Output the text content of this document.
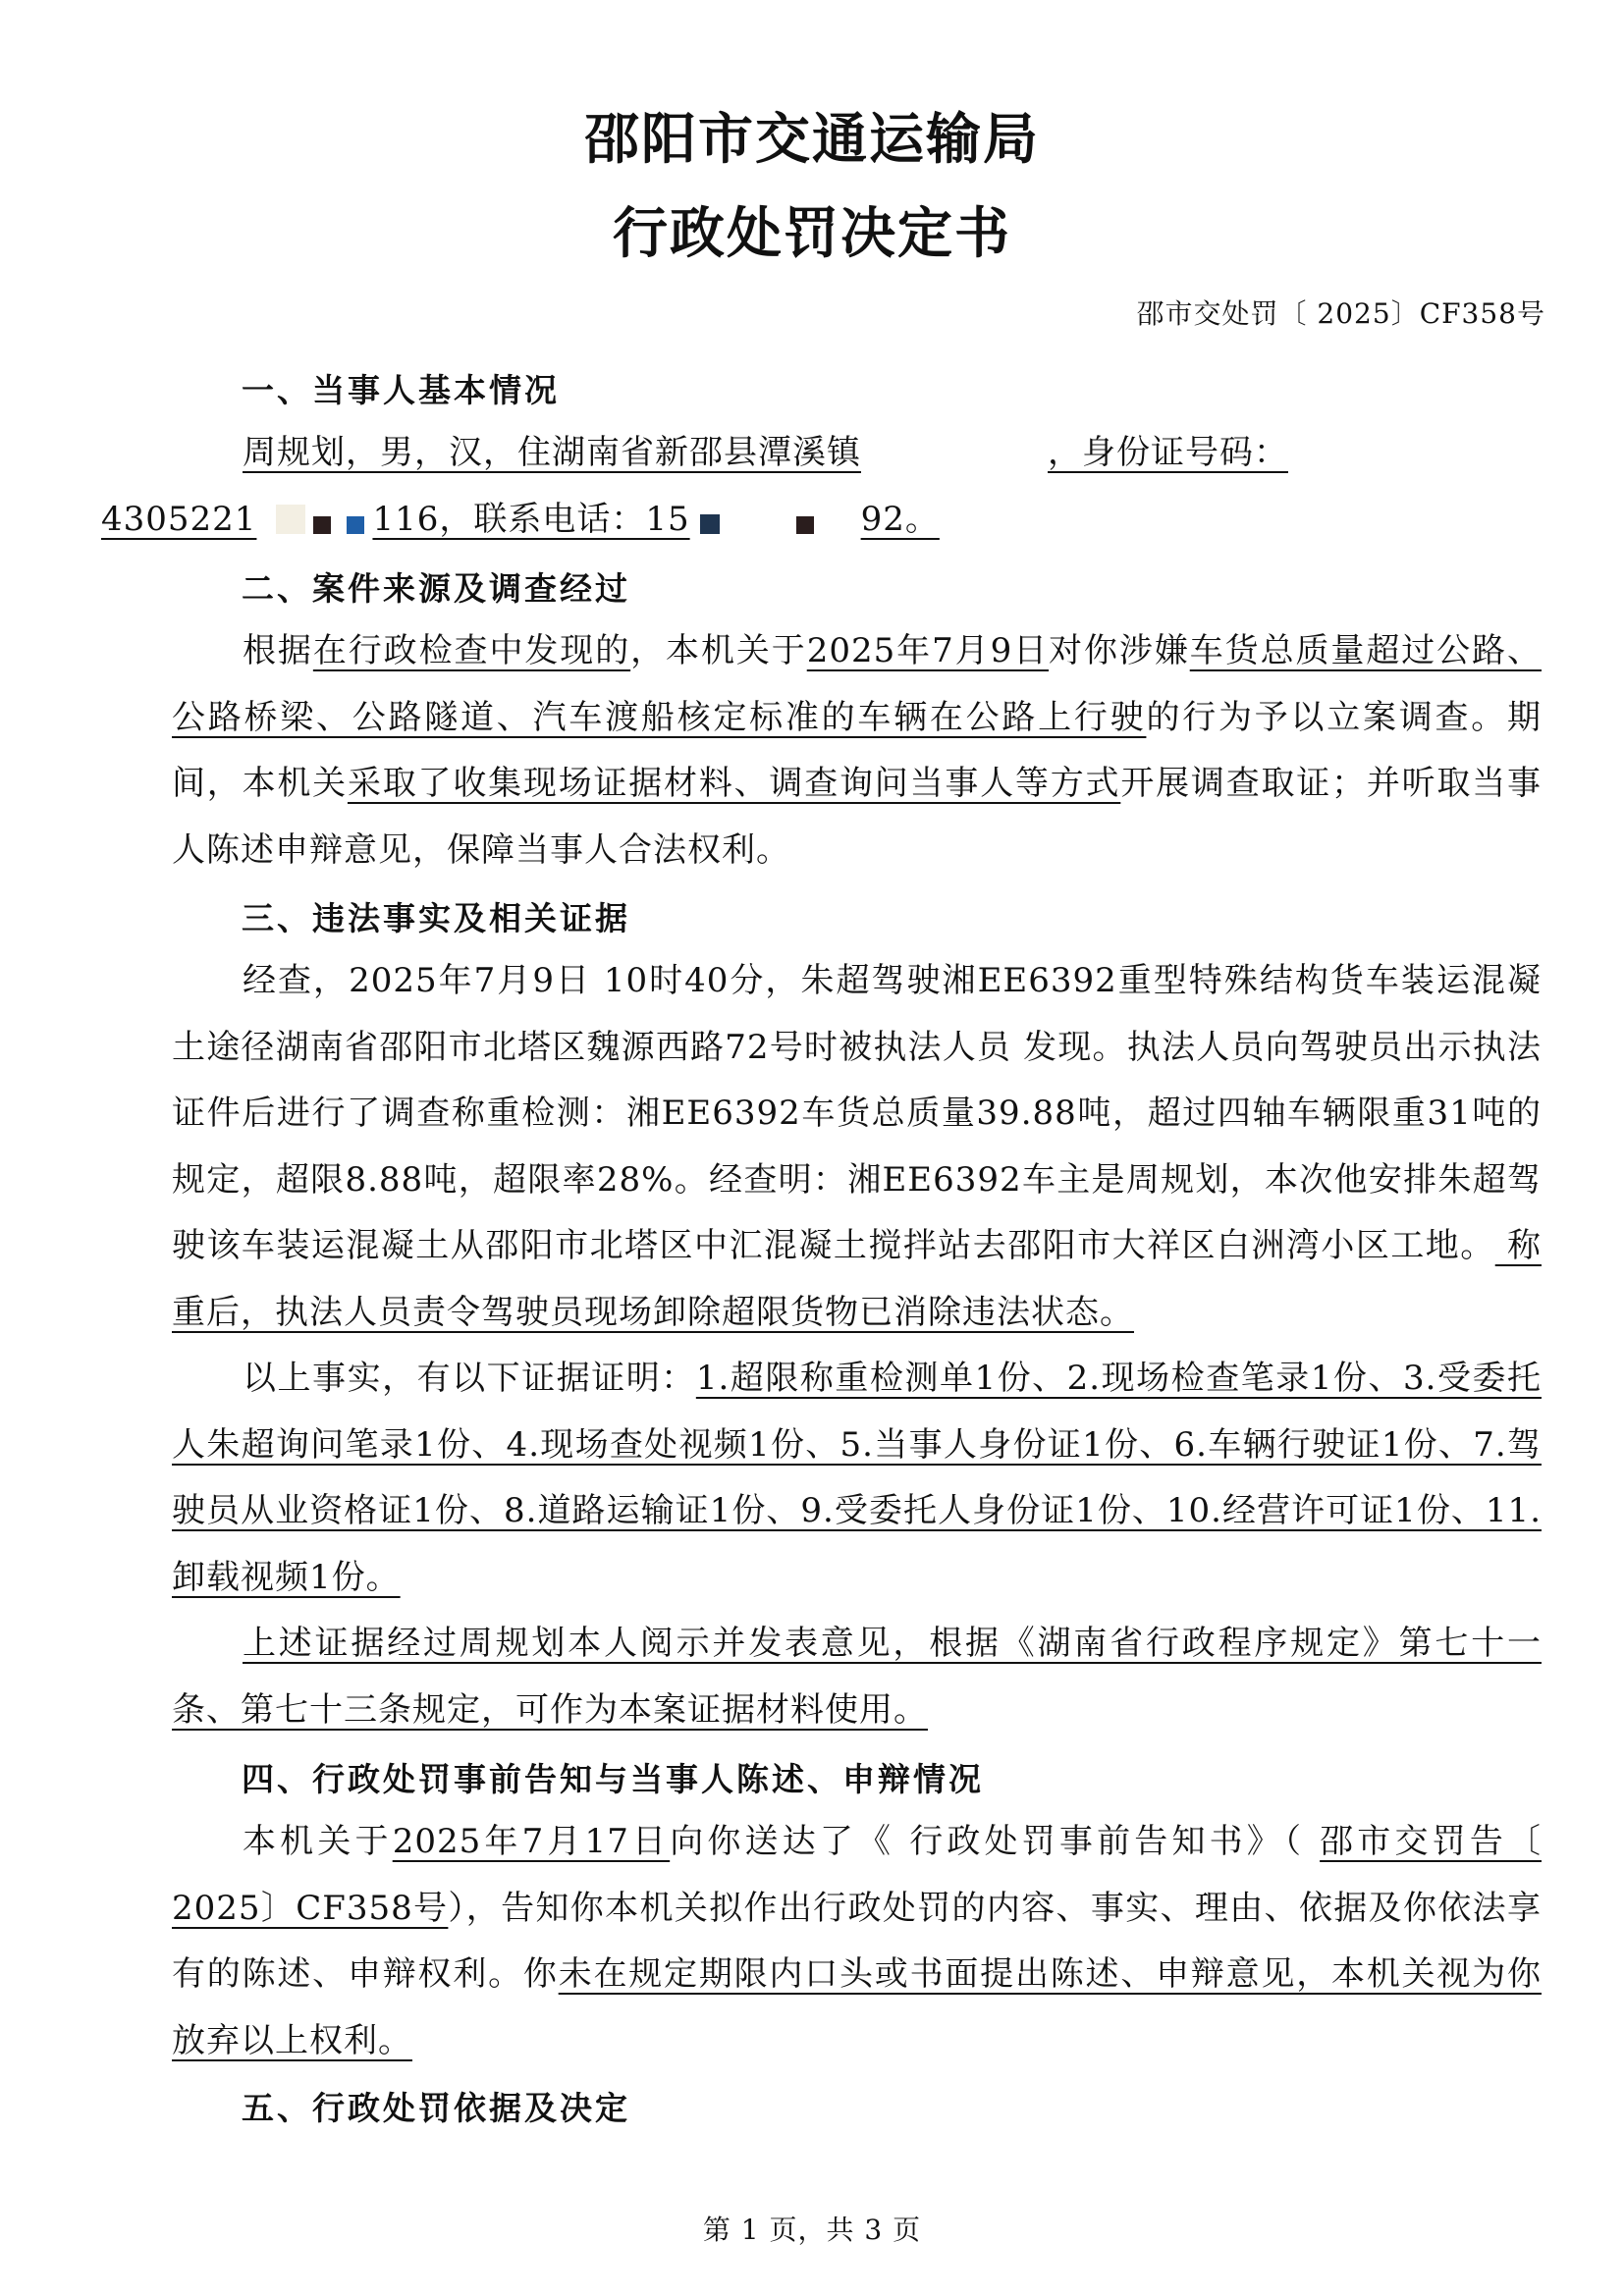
邵阳市交通运输局
行政处罚决定书
邵市交处罚〔 2025〕CF358号
一、当事人基本情况

周规划，男，汉，住湖南省新邵县潭溪镇	，身份证号码：
4305221	116，联系电话：15	92。

二、案件来源及调查经过

根据在行政检查中发现的，本机关于2025年7月9日对你涉嫌车货总质量超过公路、公路桥梁、公路隧道、汽车渡船核定标准的车辆在公路上行驶的行为予以立案调查。期间，本机关采取了收集现场证据材料、调查询问当事人等方式开展调查取证；并听取当事人陈述申辩意见，保障当事人合法权利。

三、违法事实及相关证据

经查，2025年7月9日 10时40分，朱超驾驶湘EE6392重型特殊结构货车装运混凝土途径湖南省邵阳市北塔区魏源西路72号时被执法人员 发现。执法人员向驾驶员出示执法证件后进行了调查称重检测：湘EE6392车货总质量39.88吨，超过四轴车辆限重31吨的规定，超限8.88吨，超限率28%。经查明：湘EE6392车主是周规划，本次他安排朱超驾驶该车装运混凝土从邵阳市北塔区中汇混凝土搅拌站去邵阳市大祥区白洲湾小区工地。 称重后，执法人员责令驾驶员现场卸除超限货物已消除违法状态。

以上事实，有以下证据证明：1.超限称重检测单1份、2.现场检查笔录1份、3.受委托人朱超询问笔录1份、4.现场查处视频1份、5.当事人身份证1份、6.车辆行驶证1份、7.驾驶员从业资格证1份、8.道路运输证1份、9.受委托人身份证1份、10.经营许可证1份、11.卸载视频1份。

上述证据经过周规划本人阅示并发表意见，根据《湖南省行政程序规定》第七十一条、第七十三条规定，可作为本案证据材料使用。

四、行政处罚事前告知与当事人陈述、申辩情况

本机关于2025年7月17日向你送达了《 行政处罚事前告知书》（ 邵市交罚告〔 2025〕CF358号），告知你本机关拟作出行政处罚的内容、事实、理由、依据及你依法享有的陈述、申辩权利。你未在规定期限内口头或书面提出陈述、申辩意见，本机关视为你放弃以上权利。

五、行政处罚依据及决定
第 1 页，共 3 页
